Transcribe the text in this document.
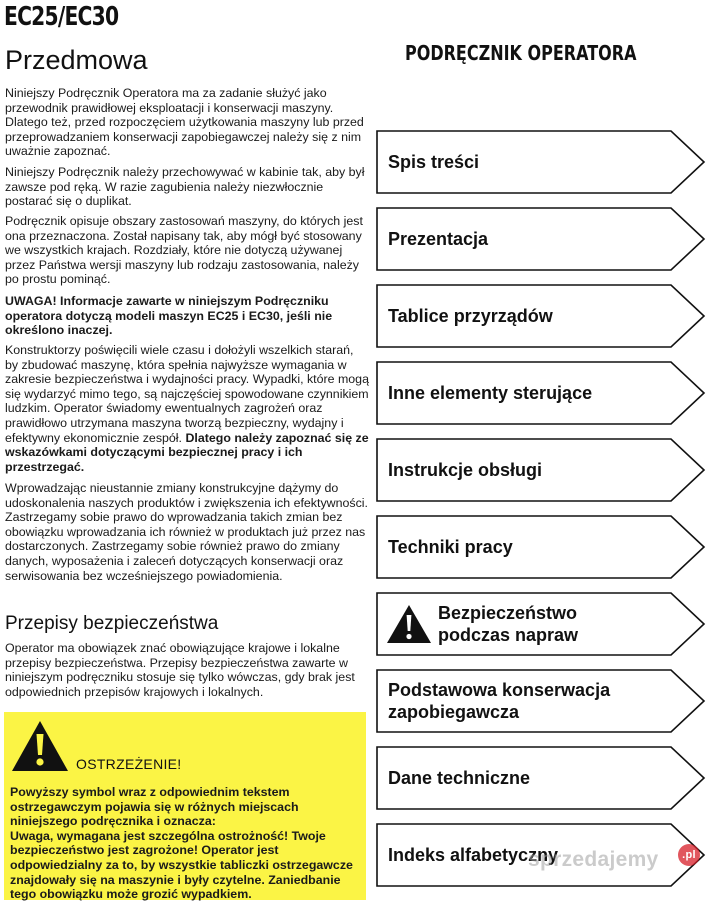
EC25/EC30
Przedmowa
Niniejszy Podręcznik Operatora ma za zadanie służyć jako przewodnik prawidłowej eksploatacji i konserwacji maszyny. Dlatego też, przed rozpoczęciem użytkowania maszyny lub przed przeprowadzaniem konserwacji zapobiegawczej należy się z nim uważnie zapoznać.
Niniejszy Podręcznik należy przechowywać w kabinie tak, aby był zawsze pod ręką. W razie zagubienia należy niezwłocznie postarać się o duplikat.
Podręcznik opisuje obszary zastosowań maszyny, do których jest ona przeznaczona. Został napisany tak, aby mógł być stosowany we wszystkich krajach. Rozdziały, które nie dotyczą używanej przez Państwa wersji maszyny lub rodzaju zastosowania, należy po prostu pominąć.
UWAGA! Informacje zawarte w niniejszym Podręczniku operatora dotyczą modeli maszyn EC25 i EC30, jeśli nie określono inaczej.
Konstruktorzy poświęcili wiele czasu i dołożyli wszelkich starań, by zbudować maszynę, która spełnia najwyższe wymagania w zakresie bezpieczeństwa i wydajności pracy. Wypadki, które mogą się wydarzyć mimo tego, są najczęściej spowodowane czynnikiem ludzkim. Operator świadomy ewentualnych zagrożeń oraz prawidłowo utrzymana maszyna tworzą bezpieczny, wydajny i efektywny ekonomicznie zespół. Dlatego należy zapoznać się ze wskazówkami dotyczącymi bezpiecznej pracy i ich przestrzegać.
Wprowadzając nieustannie zmiany konstrukcyjne dążymy do udoskonalenia naszych produktów i zwiększenia ich efektywności. Zastrzegamy sobie prawo do wprowadzania takich zmian bez obowiązku wprowadzania ich również w produktach już przez nas dostarczonych. Zastrzegamy sobie również prawo do zmiany danych, wyposażenia i zaleceń dotyczących konserwacji oraz serwisowania bez wcześniejszego powiadomienia.
Przepisy bezpieczeństwa
Operator ma obowiązek znać obowiązujące krajowe i lokalne przepisy bezpieczeństwa. Przepisy bezpieczeństwa zawarte w niniejszym podręczniku stosuje się tylko wówczas, gdy brak jest odpowiednich przepisów krajowych i lokalnych.
OSTRZEŻENIE!
Powyższy symbol wraz z odpowiednim tekstem ostrzegawczym pojawia się w różnych miejscach niniejszego podręcznika i oznacza:
Uwaga, wymagana jest szczególna ostrożność! Twoje bezpieczeństwo jest zagrożone! Operator jest odpowiedzialny za to, by wszystkie tabliczki ostrzegawcze znajdowały się na maszynie i były czytelne. Zaniedbanie tego obowiązku może grozić wypadkiem.
PODRĘCZNIK OPERATORA
Spis treści
Prezentacja
Tablice przyrządów
Inne elementy sterujące
Instrukcje obsługi
Techniki pracy
Bezpieczeństwo podczas napraw
Podstawowa konserwacja zapobiegawcza
Dane techniczne
Indeks alfabetyczny
sprzedajemy	.pl
